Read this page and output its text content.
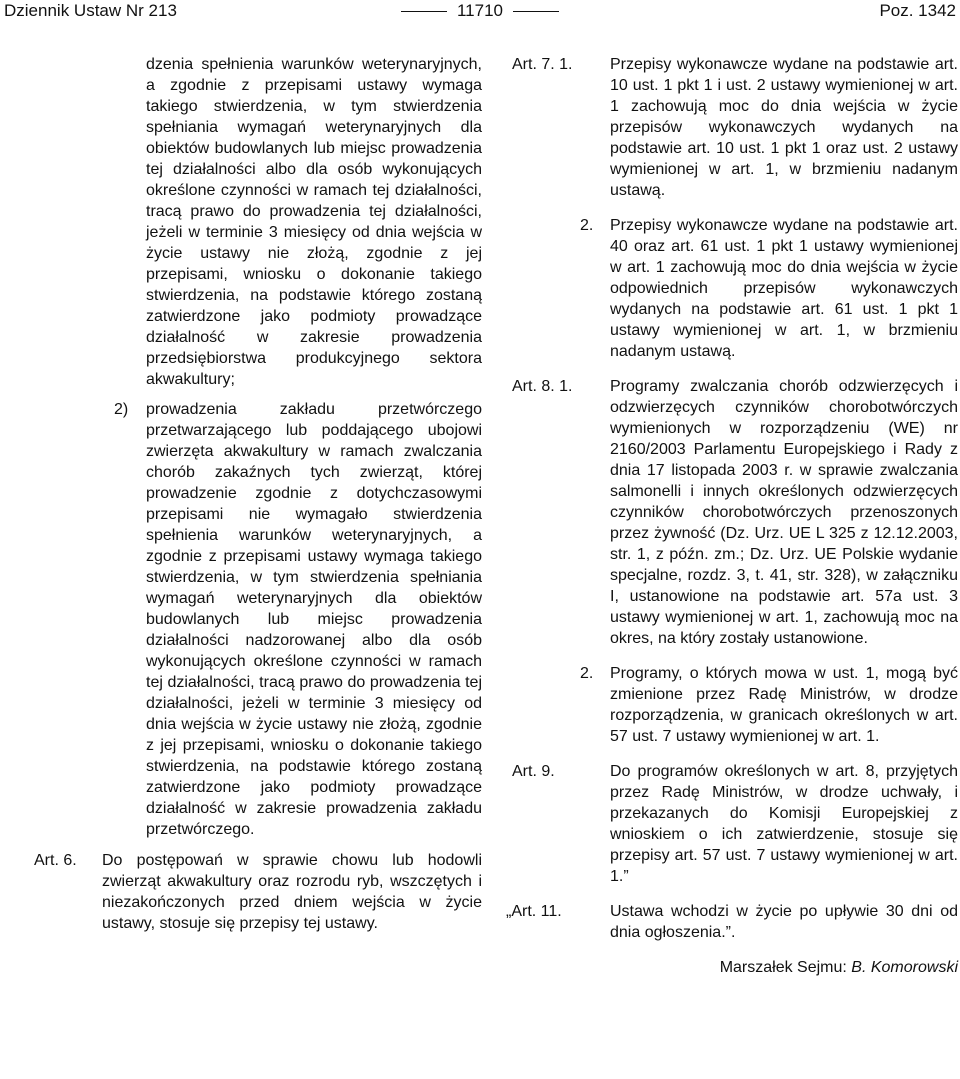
Dziennik Ustaw Nr 213	11710	Poz. 1342

dzenia spełnienia warunków weterynaryjnych, a zgodnie z przepisami ustawy wymaga takiego stwierdzenia, w tym stwierdzenia spełniania wymagań weterynaryjnych dla obiektów budowlanych lub miejsc prowadzenia tej działalności albo dla osób wykonujących określone czynności w ramach tej działalności, tracą prawo do prowadzenia tej działalności, jeżeli w terminie 3 miesięcy od dnia wejścia w życie ustawy nie złożą, zgodnie z jej przepisami, wniosku o dokonanie takiego stwierdzenia, na podstawie którego zostaną zatwierdzone jako podmioty prowadzące działalność w zakresie prowadzenia przedsiębiorstwa produkcyjnego sektora akwakultury;

2) prowadzenia zakładu przetwórczego przetwarzającego lub poddającego ubojowi zwierzęta akwakultury w ramach zwalczania chorób zakaźnych tych zwierząt, której prowadzenie zgodnie z dotychczasowymi przepisami nie wymagało stwierdzenia spełnienia warunków weterynaryjnych, a zgodnie z przepisami ustawy wymaga takiego stwierdzenia, w tym stwierdzenia spełniania wymagań weterynaryjnych dla obiektów budowlanych lub miejsc prowadzenia działalności nadzorowanej albo dla osób wykonujących określone czynności w ramach tej działalności, tracą prawo do prowadzenia tej działalności, jeżeli w terminie 3 miesięcy od dnia wejścia w życie ustawy nie złożą, zgodnie z jej przepisami, wniosku o dokonanie takiego stwierdzenia, na podstawie którego zostaną zatwierdzone jako podmioty prowadzące działalność w zakresie prowadzenia zakładu przetwórczego.

Art. 6. Do postępowań w sprawie chowu lub hodowli zwierząt akwakultury oraz rozrodu ryb, wszczętych i niezakończonych przed dniem wejścia w życie ustawy, stosuje się przepisy tej ustawy.

Art. 7. 1. Przepisy wykonawcze wydane na podstawie art. 10 ust. 1 pkt 1 i ust. 2 ustawy wymienionej w art. 1 zachowują moc do dnia wejścia w życie przepisów wykonawczych wydanych na podstawie art. 10 ust. 1 pkt 1 oraz ust. 2 ustawy wymienionej w art. 1, w brzmieniu nadanym ustawą.

2. Przepisy wykonawcze wydane na podstawie art. 40 oraz art. 61 ust. 1 pkt 1 ustawy wymienionej w art. 1 zachowują moc do dnia wejścia w życie odpowiednich przepisów wykonawczych wydanych na podstawie art. 61 ust. 1 pkt 1 ustawy wymienionej w art. 1, w brzmieniu nadanym ustawą.

Art. 8. 1. Programy zwalczania chorób odzwierzęcych i odzwierzęcych czynników chorobotwórczych wymienionych w rozporządzeniu (WE) nr 2160/2003 Parlamentu Europejskiego i Rady z dnia 17 listopada 2003 r. w sprawie zwalczania salmonelli i innych określonych odzwierzęcych czynników chorobotwórczych przenoszonych przez żywność (Dz. Urz. UE L 325 z 12.12.2003, str. 1, z późn. zm.; Dz. Urz. UE Polskie wydanie specjalne, rozdz. 3, t. 41, str. 328), w załączniku I, ustanowione na podstawie art. 57a ust. 3 ustawy wymienionej w art. 1, zachowują moc na okres, na który zostały ustanowione.

2. Programy, o których mowa w ust. 1, mogą być zmienione przez Radę Ministrów, w drodze rozporządzenia, w granicach określonych w art. 57 ust. 7 ustawy wymienionej w art. 1.

Art. 9.	Do programów określonych w art. 8, przyjętych przez Radę Ministrów, w drodze uchwały, i przekazanych do Komisji Europejskiej z wnioskiem o ich zatwierdzenie, stosuje się przepisy art. 57 ust. 7 ustawy wymienionej w art. 1.”

„Art. 11.	Ustawa wchodzi w życie po upływie 30 dni od dnia ogłoszenia.”.

Marszałek Sejmu: B. Komorowski
